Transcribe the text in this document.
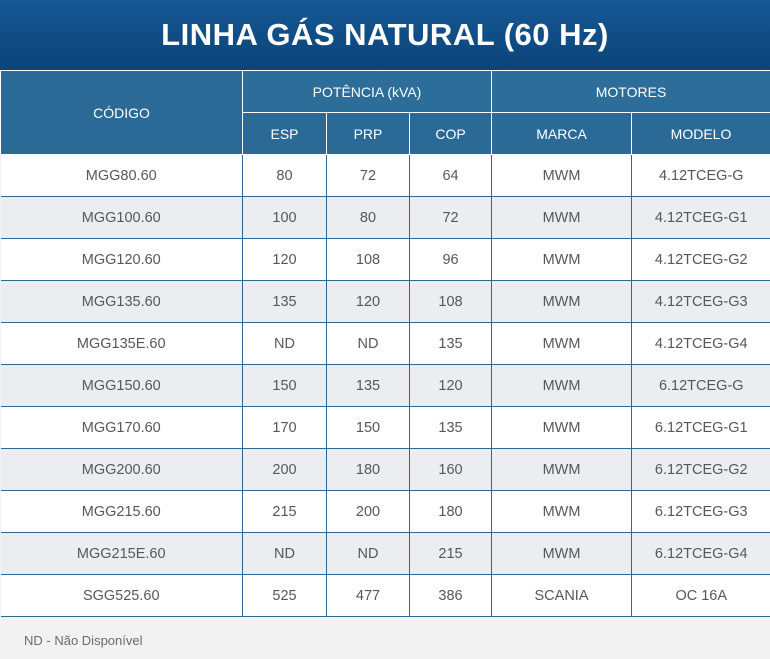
LINHA GÁS NATURAL (60 Hz)
CÓDIGO	POTÊNCIA (kVA)			MOTORES	
	ESP	PRP	COP	MARCA	MODELO
MGG80.60	80	72	64	MWM	4.12TCEG-G
MGG100.60	100	80	72	MWM	4.12TCEG-G1
MGG120.60	120	108	96	MWM	4.12TCEG-G2
MGG135.60	135	120	108	MWM	4.12TCEG-G3
MGG135E.60	ND	ND	135	MWM	4.12TCEG-G4
MGG150.60	150	135	120	MWM	6.12TCEG-G
MGG170.60	170	150	135	MWM	6.12TCEG-G1
MGG200.60	200	180	160	MWM	6.12TCEG-G2
MGG215.60	215	200	180	MWM	6.12TCEG-G3
MGG215E.60	ND	ND	215	MWM	6.12TCEG-G4
SGG525.60	525	477	386	SCANIA	OC 16A
ND - Não Disponível
